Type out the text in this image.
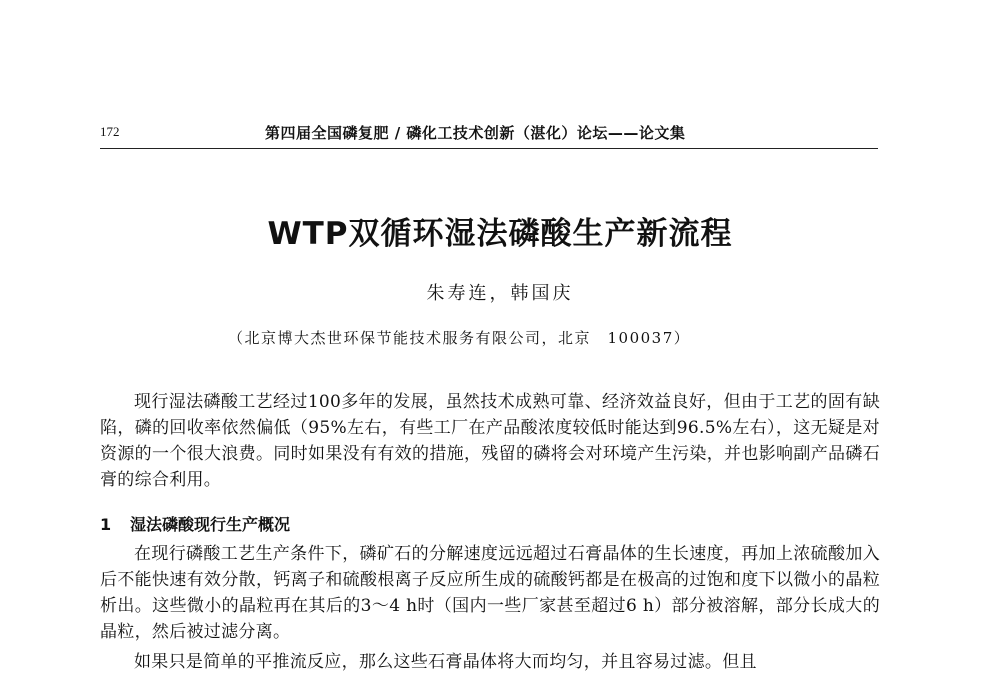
172	第四届全国磷复肥 / 磷化工技术创新（湛化）论坛——论文集
WTP双循环湿法磷酸生产新流程
朱寿连，韩国庆
（北京博大杰世环保节能技术服务有限公司，北京　100037）

现行湿法磷酸工艺经过100多年的发展，虽然技术成熟可靠、经济效益良好，但由于工艺的固有缺陷，磷的回收率依然偏低（95%左右，有些工厂在产品酸浓度较低时能达到96.5%左右），这无疑是对资源的一个很大浪费。同时如果没有有效的措施，残留的磷将会对环境产生污染，并也影响副产品磷石膏的综合利用。

1 湿法磷酸现行生产概况

在现行磷酸工艺生产条件下，磷矿石的分解速度远远超过石膏晶体的生长速度，再加上浓硫酸加入后不能快速有效分散，钙离子和硫酸根离子反应所生成的硫酸钙都是在极高的过饱和度下以微小的晶粒析出。这些微小的晶粒再在其后的3～4 h时（国内一些厂家甚至超过6 h）部分被溶解，部分长成大的晶粒，然后被过滤分离。

如果只是简单的平推流反应，那么这些石膏晶体将大而均匀，并且容易过滤。但且
